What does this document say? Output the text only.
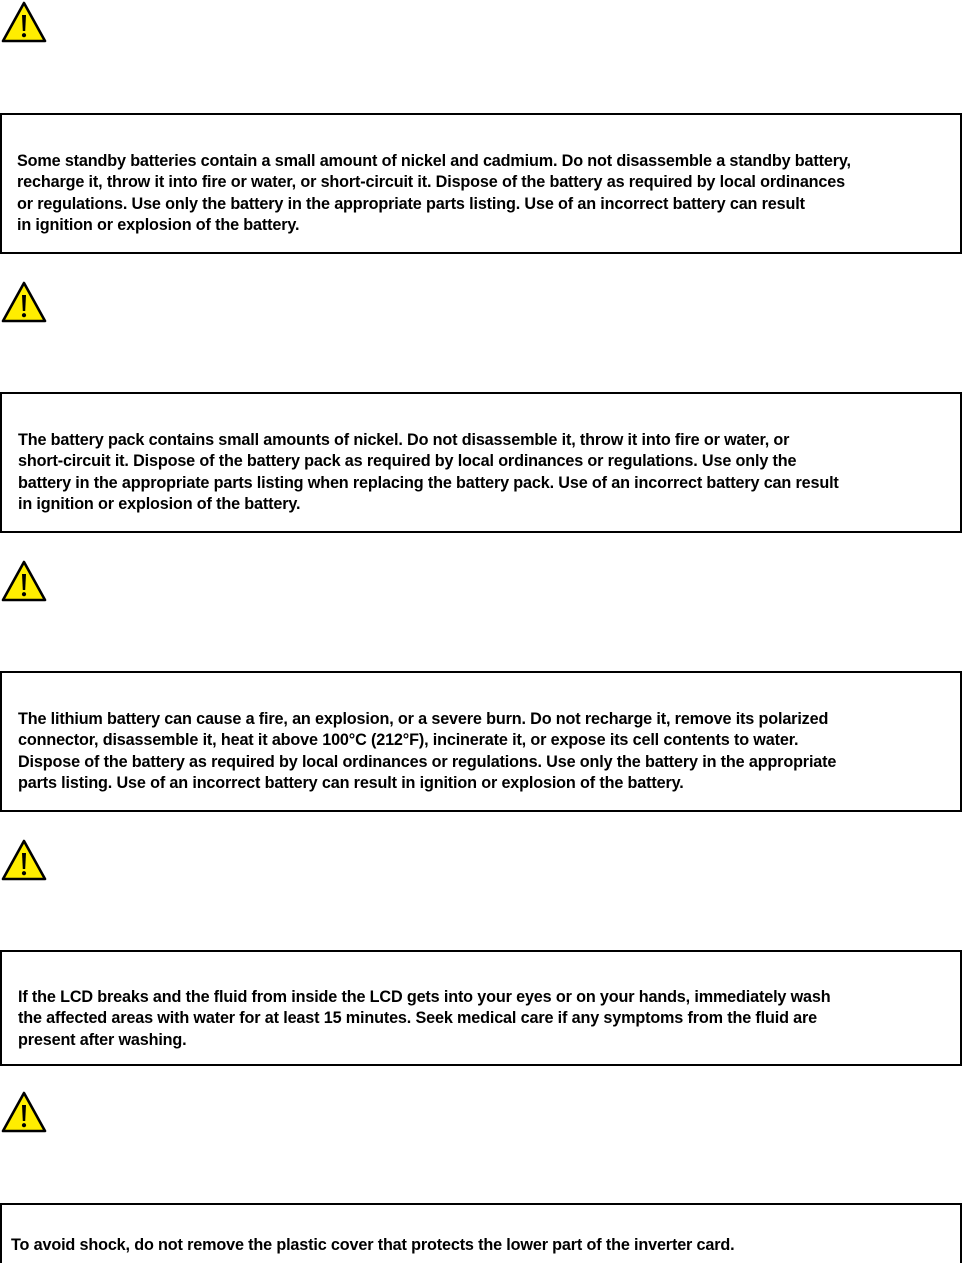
Some standby batteries contain a small amount of nickel and cadmium. Do not disassemble a standby battery,
recharge it, throw it into fire or water, or short-circuit it. Dispose of the battery as required by local ordinances
or regulations. Use only the battery in the appropriate parts listing. Use of an incorrect battery can result
in ignition or explosion of the battery.

The battery pack contains small amounts of nickel. Do not disassemble it, throw it into fire or water, or
short-circuit it. Dispose of the battery pack as required by local ordinances or regulations. Use only the
battery in the appropriate parts listing when replacing the battery pack. Use of an incorrect battery can result
in ignition or explosion of the battery.

The lithium battery can cause a fire, an explosion, or a severe burn. Do not recharge it, remove its polarized
connector, disassemble it, heat it above 100°C (212°F), incinerate it, or expose its cell contents to water.
Dispose of the battery as required by local ordinances or regulations. Use only the battery in the appropriate
parts listing. Use of an incorrect battery can result in ignition or explosion of the battery.

If the LCD breaks and the fluid from inside the LCD gets into your eyes or on your hands, immediately wash
the affected areas with water for at least 15 minutes. Seek medical care if any symptoms from the fluid are
present after washing.

To avoid shock, do not remove the plastic cover that protects the lower part of the inverter card.
